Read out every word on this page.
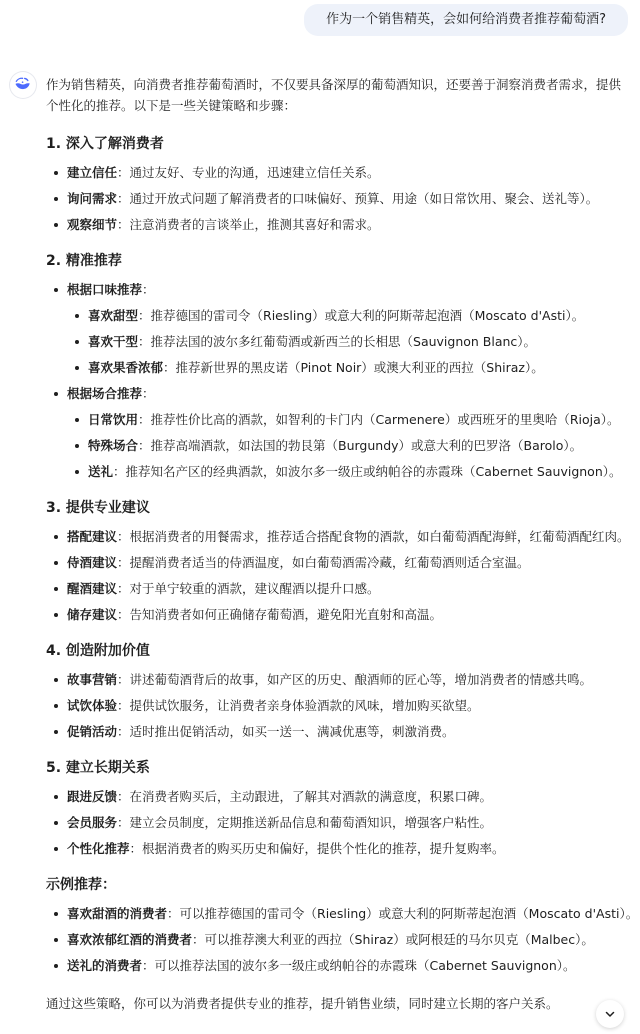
作为一个销售精英，会如何给消费者推荐葡萄酒?

作为销售精英，向消费者推荐葡萄酒时，不仅要具备深厚的葡萄酒知识，还要善于洞察消费者需求，提供个性化的推荐。以下是一些关键策略和步骤：

1. 深入了解消费者
建立信任：通过友好、专业的沟通，迅速建立信任关系。
询问需求：通过开放式问题了解消费者的口味偏好、预算、用途（如日常饮用、聚会、送礼等）。
观察细节：注意消费者的言谈举止，推测其喜好和需求。
2. 精准推荐
根据口味推荐：
喜欢甜型：推荐德国的雷司令（Riesling）或意大利的阿斯蒂起泡酒（Moscato d'Asti）。
喜欢干型：推荐法国的波尔多红葡萄酒或新西兰的长相思（Sauvignon Blanc）。
喜欢果香浓郁：推荐新世界的黑皮诺（Pinot Noir）或澳大利亚的西拉（Shiraz）。
根据场合推荐：
日常饮用：推荐性价比高的酒款，如智利的卡门内（Carmenere）或西班牙的里奥哈（Rioja）。
特殊场合：推荐高端酒款，如法国的勃艮第（Burgundy）或意大利的巴罗洛（Barolo）。
送礼：推荐知名产区的经典酒款，如波尔多一级庄或纳帕谷的赤霞珠（Cabernet Sauvignon）。
3. 提供专业建议
搭配建议：根据消费者的用餐需求，推荐适合搭配食物的酒款，如白葡萄酒配海鲜，红葡萄酒配红肉。
侍酒建议：提醒消费者适当的侍酒温度，如白葡萄酒需冷藏，红葡萄酒则适合室温。
醒酒建议：对于单宁较重的酒款，建议醒酒以提升口感。
储存建议：告知消费者如何正确储存葡萄酒，避免阳光直射和高温。
4. 创造附加价值
故事营销：讲述葡萄酒背后的故事，如产区的历史、酿酒师的匠心等，增加消费者的情感共鸣。
试饮体验：提供试饮服务，让消费者亲身体验酒款的风味，增加购买欲望。
促销活动：适时推出促销活动，如买一送一、满减优惠等，刺激消费。
5. 建立长期关系
跟进反馈：在消费者购买后，主动跟进，了解其对酒款的满意度，积累口碑。
会员服务：建立会员制度，定期推送新品信息和葡萄酒知识，增强客户粘性。
个性化推荐：根据消费者的购买历史和偏好，提供个性化的推荐，提升复购率。
示例推荐：
喜欢甜酒的消费者：可以推荐德国的雷司令（Riesling）或意大利的阿斯蒂起泡酒（Moscato d'Asti）。
喜欢浓郁红酒的消费者：可以推荐澳大利亚的西拉（Shiraz）或阿根廷的马尔贝克（Malbec）。
送礼的消费者：可以推荐法国的波尔多一级庄或纳帕谷的赤霞珠（Cabernet Sauvignon）。
通过这些策略，你可以为消费者提供专业的推荐，提升销售业绩，同时建立长期的客户关系。
